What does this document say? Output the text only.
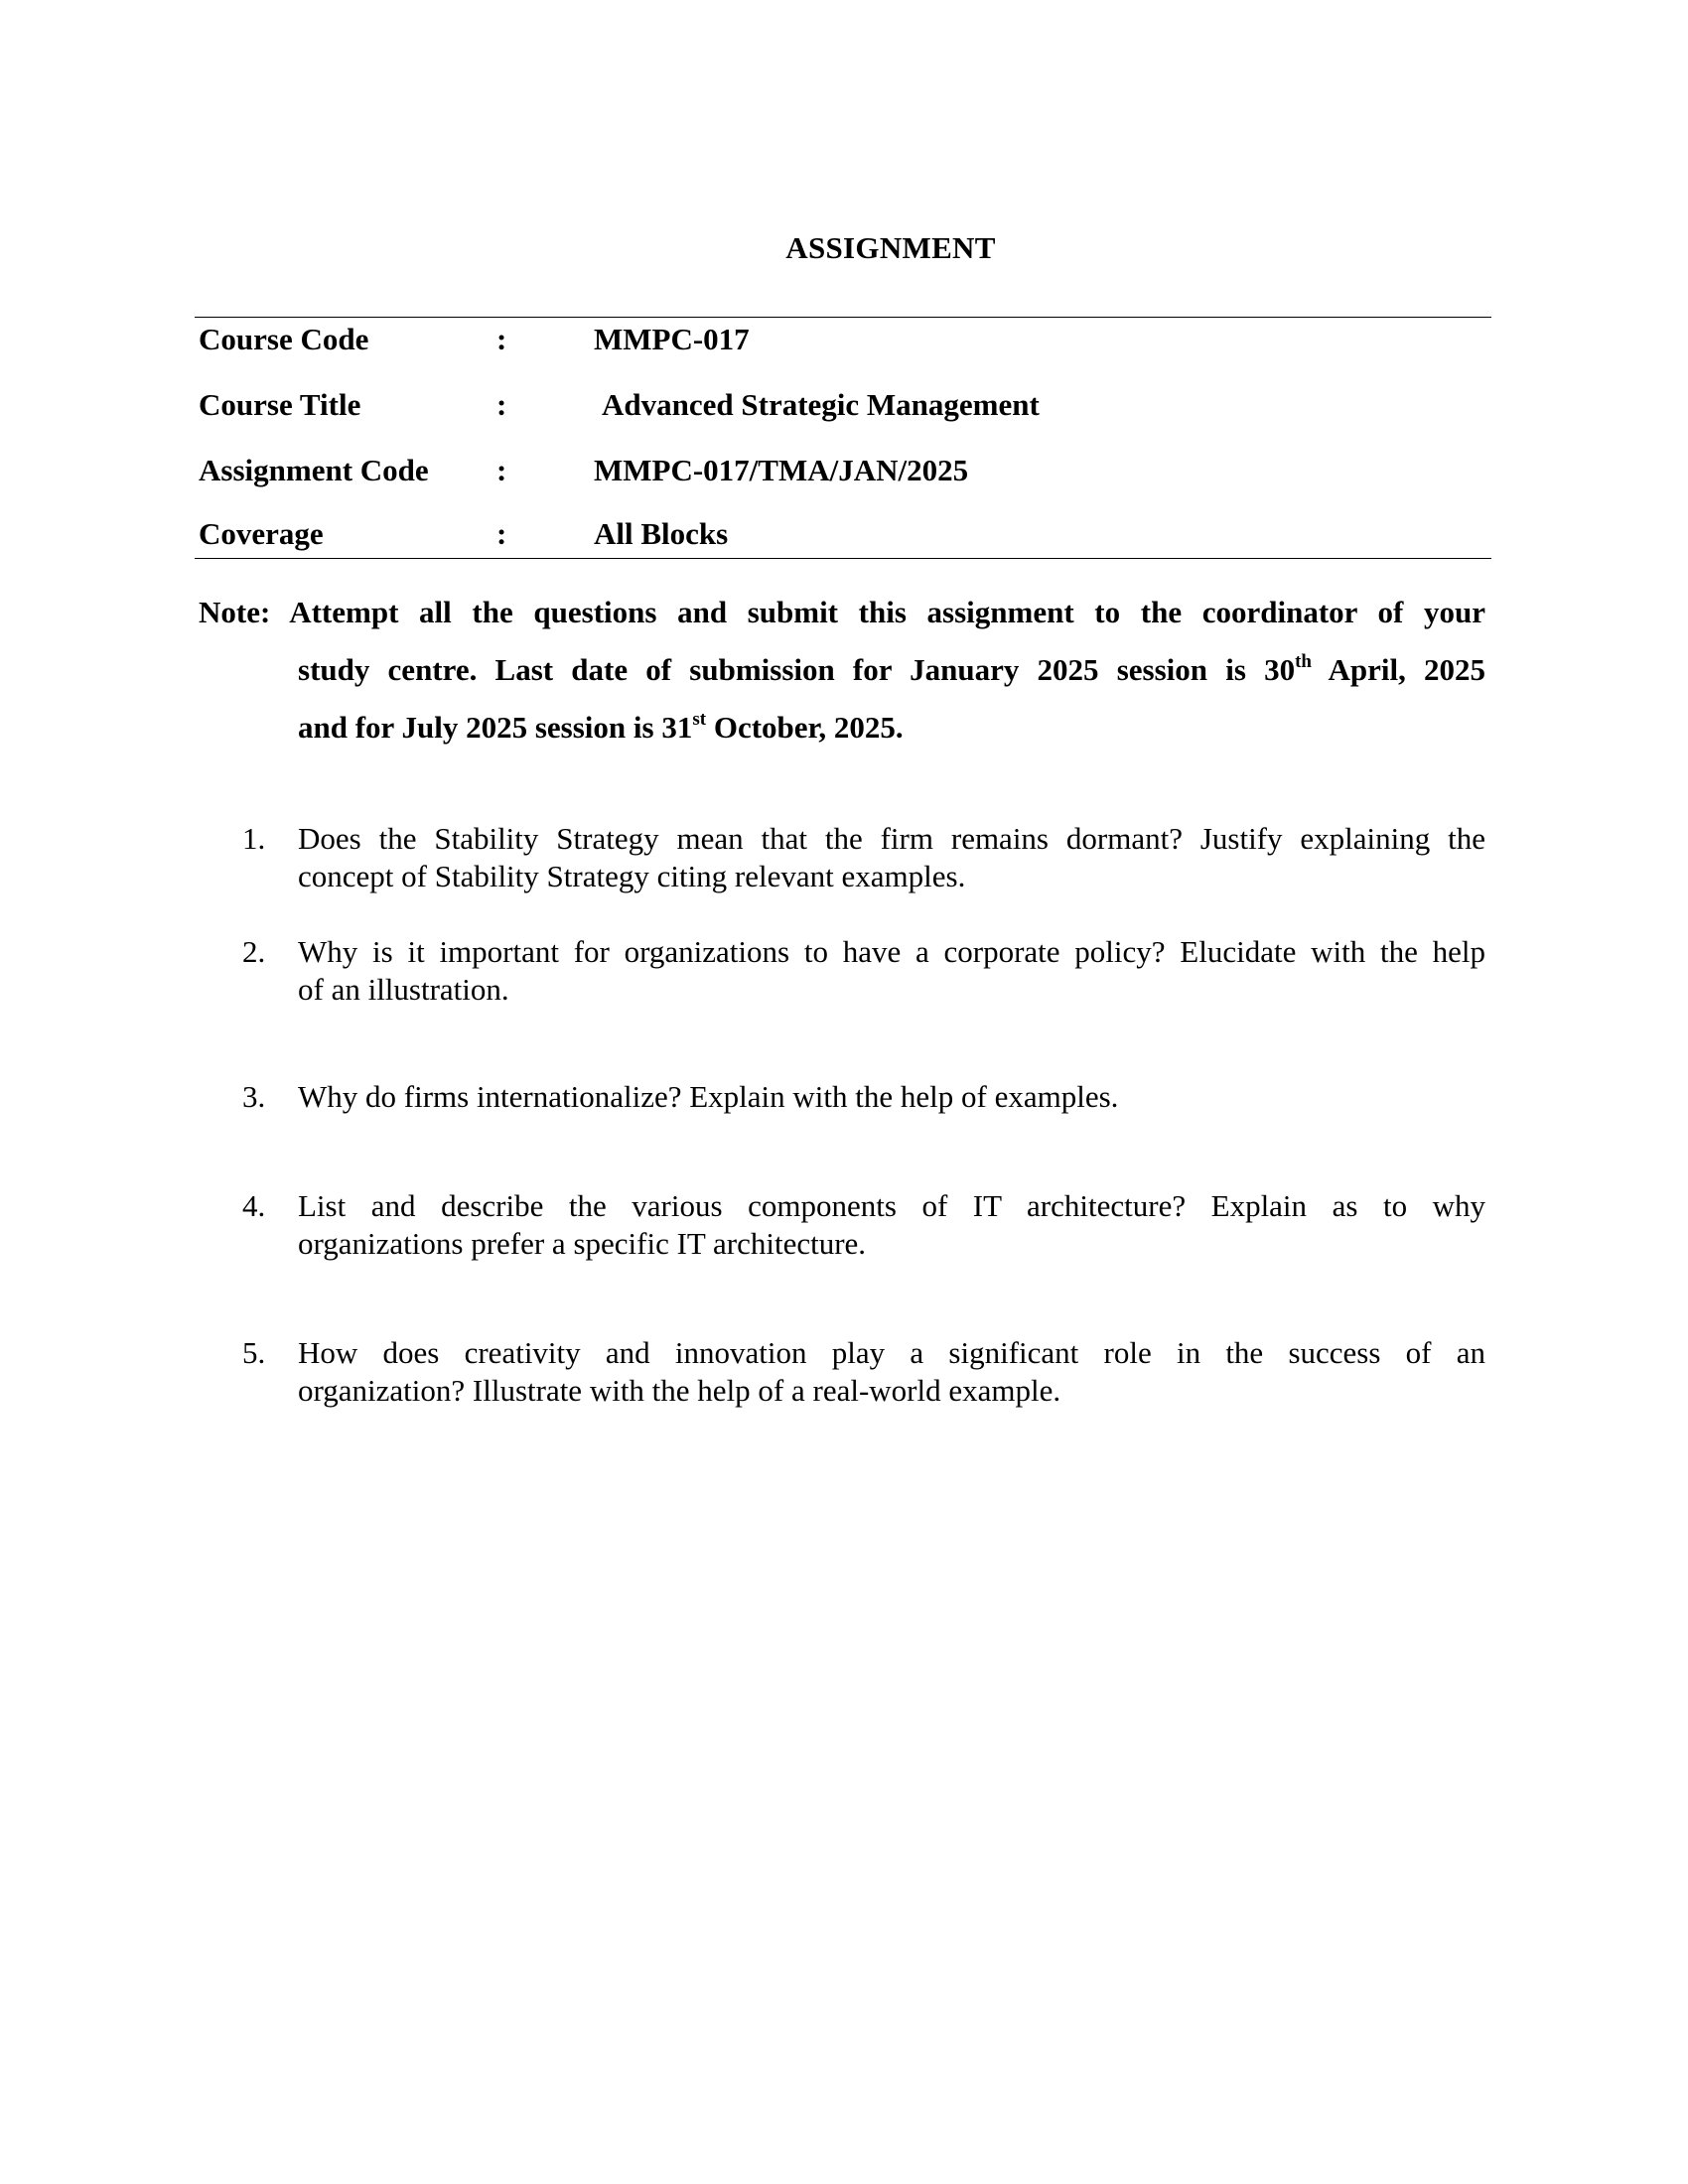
ASSIGNMENT
Course Code	:	MMPC-017
Course Title	:	Advanced Strategic Management
Assignment Code :	MMPC-017/TMA/JAN/2025
Coverage	:	All Blocks
Note: Attempt all the questions and submit this assignment to the coordinator of your
study centre. Last date of submission for January 2025 session is 30th April, 2025
and for July 2025 session is 31st October, 2025.
1.	Does the Stability Strategy mean that the firm remains dormant? Justify explaining the
concept of Stability Strategy citing relevant examples.
2.	Why is it important for organizations to have a corporate policy? Elucidate with the help
of an illustration.
3.	Why do firms internationalize? Explain with the help of examples.
4.	List and describe the various components of IT architecture? Explain as to why
organizations prefer a specific IT architecture.
5.	How does creativity and innovation play a significant role in the success of an
organization? Illustrate with the help of a real-world example.
